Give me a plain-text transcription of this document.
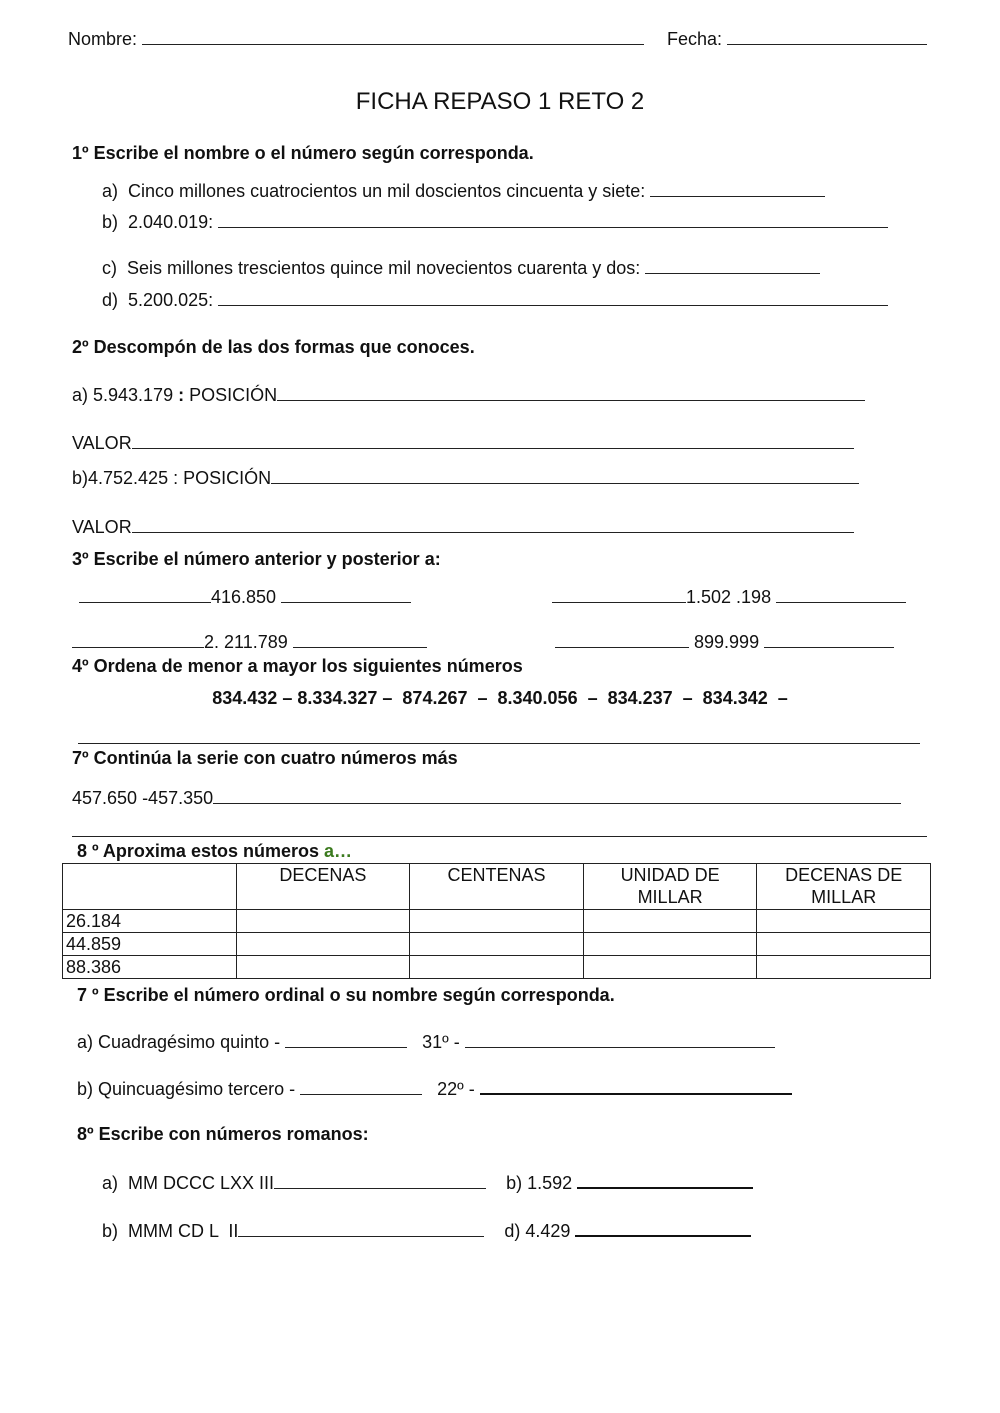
Nombre:	Fecha:
FICHA REPASO 1 RETO 2
1º Escribe el nombre o el número según corresponda.
a) Cinco millones cuatrocientos un mil doscientos cincuenta y siete:
b) 2.040.019:
c) Seis millones trescientos quince mil novecientos cuarenta y dos:
d) 5.200.025:
2º Descompón de las dos formas que conoces.
a) 5.943.179 : POSICIÓN
VALOR
b)4.752.425 : POSICIÓN
VALOR
3º Escribe el número anterior y posterior a:
416.850	1.502 .198
2. 211.789	899.999
4º Ordena de menor a mayor los siguientes números
834.432 – 8.334.327 –  874.267  –  8.340.056  –  834.237  –  834.342  –
7º Continúa la serie con cuatro números más
457.650 -457.350
8 º Aproxima estos números a…
	DECENAS	CENTENAS	UNIDAD DE MILLAR	DECENAS DE MILLAR
26.184				
44.859				
88.386				
7 º Escribe el número ordinal o su nombre según corresponda.
a) Cuadragésimo quinto -	31º -
b) Quincuagésimo tercero -	22º -
8º Escribe con números romanos:
a) MM DCCC LXX III	b) 1.592
b) MMM CD L  II	d) 4.429
